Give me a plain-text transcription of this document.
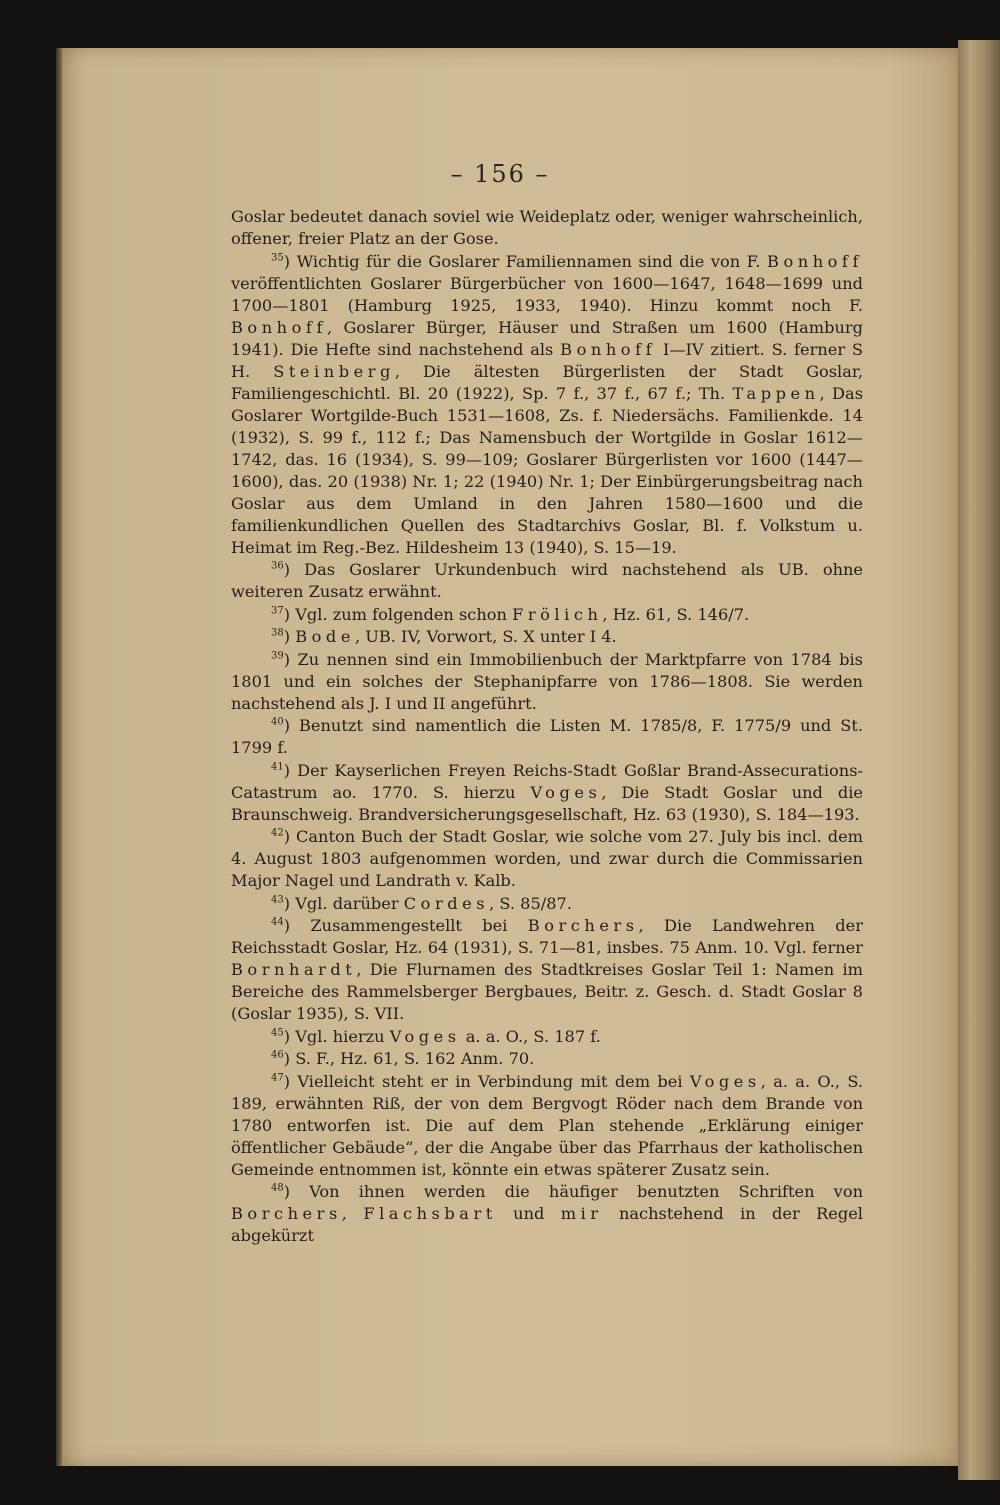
– 156 –

Goslar bedeutet danach soviel wie Weideplatz oder, weniger wahrscheinlich, offener, freier Platz an der Gose.

$^{35}$) Wichtig für die Goslarer Familiennamen sind die von F. Bonhoff veröffentlichten Goslarer Bürgerbücher von 1600—1647, 1648—1699 und 1700—1801 (Hamburg 1925, 1933, 1940). Hinzu kommt noch F. Bonhoff, Goslarer Bürger, Häuser und Straßen um 1600 (Hamburg 1941). Die Hefte sind nachstehend als Bonhoff I—IV zitiert. S. ferner S H. Steinberg, Die ältesten Bürgerlisten der Stadt Goslar, Familiengeschichtl. Bl. 20 (1922), Sp. 7 f., 37 f., 67 f.; Th. Tappen, Das Goslarer Wortgilde-Buch 1531—1608, Zs. f. Niedersächs. Familienkde. 14 (1932), S. 99 f., 112 f.; Das Namensbuch der Wortgilde in Goslar 1612—1742, das. 16 (1934), S. 99—109; Goslarer Bürgerlisten vor 1600 (1447—1600), das. 20 (1938) Nr. 1; 22 (1940) Nr. 1; Der Einbürgerungsbeitrag nach Goslar aus dem Umland in den Jahren 1580—1600 und die familienkundlichen Quellen des Stadtarchivs Goslar, Bl. f. Volkstum u. Heimat im Reg.-Bez. Hildesheim 13 (1940), S. 15—19.

$^{36}$) Das Goslarer Urkundenbuch wird nachstehend als UB. ohne weiteren Zusatz erwähnt.

$^{37}$) Vgl. zum folgenden schon Frölich, Hz. 61, S. 146/7.

$^{38}$) Bode, UB. IV, Vorwort, S. X unter I 4.

$^{39}$) Zu nennen sind ein Immobilienbuch der Marktpfarre von 1784 bis 1801 und ein solches der Stephanipfarre von 1786—1808. Sie werden nachstehend als J. I und II angeführt.

$^{40}$) Benutzt sind namentlich die Listen M. 1785/8, F. 1775/9 und St. 1799 f.

$^{41}$) Der Kayserlichen Freyen Reichs-Stadt Goßlar Brand-Assecurations-Catastrum ao. 1770. S. hierzu Voges, Die Stadt Goslar und die Braunschweig. Brandversicherungsgesellschaft, Hz. 63 (1930), S. 184—193.

$^{42}$) Canton Buch der Stadt Goslar, wie solche vom 27. July bis incl. dem 4. August 1803 aufgenommen worden, und zwar durch die Commissarien Major Nagel und Landrath v. Kalb.

$^{43}$) Vgl. darüber Cordes, S. 85/87.

$^{44}$) Zusammengestellt bei Borchers, Die Landwehren der Reichsstadt Goslar, Hz. 64 (1931), S. 71—81, insbes. 75 Anm. 10. Vgl. ferner Bornhardt, Die Flurnamen des Stadtkreises Goslar Teil 1: Namen im Bereiche des Rammelsberger Bergbaues, Beitr. z. Gesch. d. Stadt Goslar 8 (Goslar 1935), S. VII.

$^{45}$) Vgl. hierzu Voges a. a. O., S. 187 f.

$^{46}$) S. F., Hz. 61, S. 162 Anm. 70.

$^{47}$) Vielleicht steht er in Verbindung mit dem bei Voges, a. a. O., S. 189, erwähnten Riß, der von dem Bergvogt Röder nach dem Brande von 1780 entworfen ist. Die auf dem Plan stehende „Erklärung einiger öffentlicher Gebäude“, der die Angabe über das Pfarrhaus der katholischen Gemeinde entnommen ist, könnte ein etwas späterer Zusatz sein.

$^{48}$) Von ihnen werden die häufiger benutzten Schriften von Borchers, Flachsbart und mir nachstehend in der Regel abgekürzt
